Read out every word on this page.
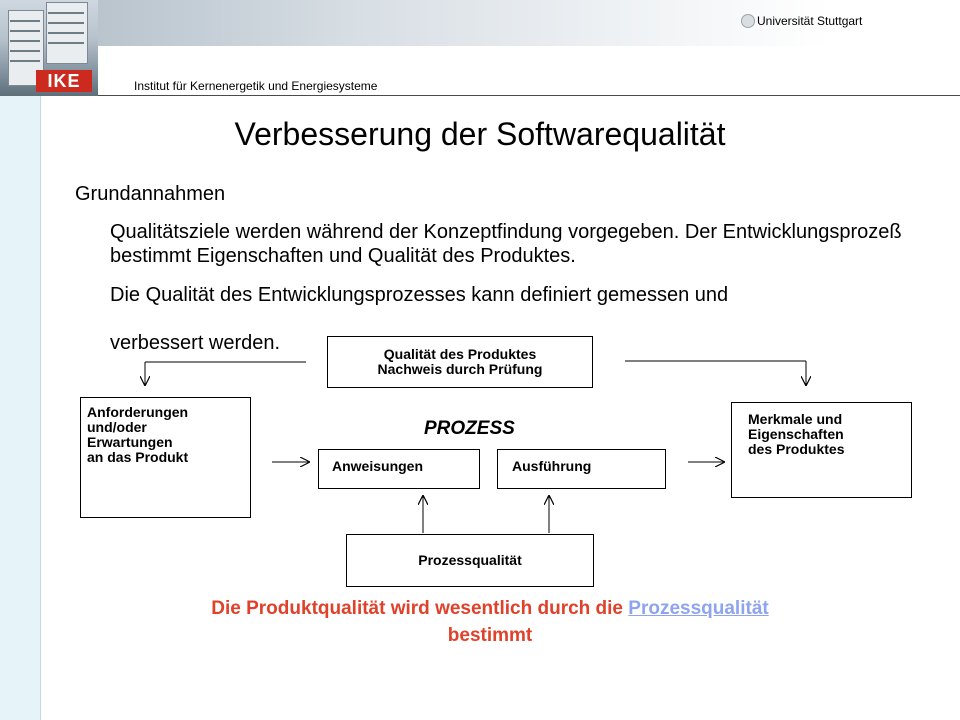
IKE
Universität Stuttgart
Institut für Kernenergetik und Energiesysteme
Verbesserung der Softwarequalität
Grundannahmen
Qualitätsziele werden während der Konzeptfindung vorgegeben. Der Entwicklungsprozeß bestimmt Eigenschaften und Qualität des Produktes.
Die Qualität des Entwicklungsprozesses kann definiert gemessen und
verbessert werden.	Qualität des Produktes
Nachweis durch Prüfung
Anforderungen
und/oder
Erwartungen
an das Produkt
PROZESS
Anweisungen	Ausführung
Merkmale und
Eigenschaften
des Produktes
Prozessqualität
Die Produktqualität wird wesentlich durch die Prozessqualität
bestimmt
